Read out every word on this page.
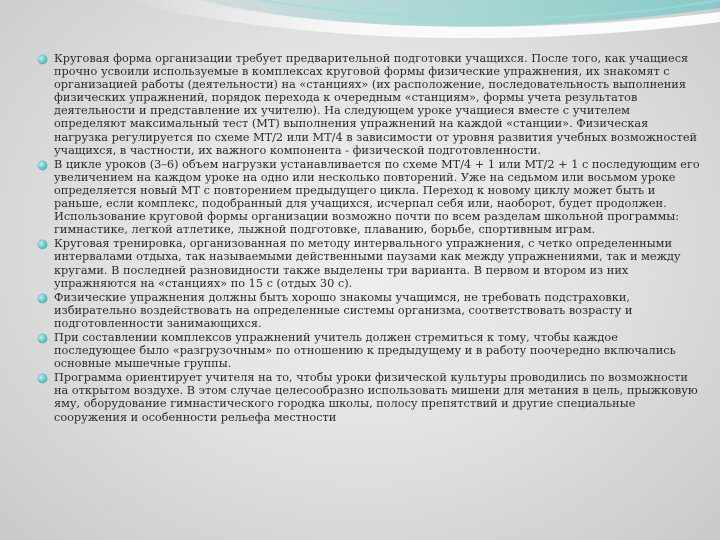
Круговая форма организации требует предварительной подготовки учащихся. После того, как учащиеся прочно усвоили используемые в комплексах круговой формы физические упражнения, их знакомят с организацией работы (деятельности) на «станциях» (их расположение, последовательность выполнения физических упражнений, порядок перехода к очередным «станциям», формы учета результатов деятельности и представление их учителю). На следующем уроке учащиеся вместе с учителем определяют максимальный тест (МТ) выполнения упражнений на каждой «станции». Физическая нагрузка регулируется по схеме МТ/2 или МТ/4 в зависимости от уровня развития учебных возможностей учащихся, в частности, их важного компонента - физической подготовленности.
В цикле уроков (3–6) объем нагрузки устанавливается по схеме МТ/4 + 1 или МТ/2 + 1 с последующим его увеличением на каждом уроке на одно или несколько повторений. Уже на седьмом или восьмом уроке определяется новый МТ с повторением предыдущего цикла. Переход к новому циклу может быть и раньше, если комплекс, подобранный для учащихся, исчерпал себя или, наоборот, будет продолжен. Использование круговой формы организации возможно почти по всем разделам школьной программы: гимнастике, легкой атлетике, лыжной подготовке, плаванию, борьбе, спортивным играм.
Круговая тренировка, организованная по методу интервального упражнения, с четко определенными интервалами отдыха, так называемыми действенными паузами как между упражнениями, так и между кругами. В последней разновидности также выделены три варианта. В первом и втором из них упражняются на «станциях» по 15 с (отдых 30 с).
Физические упражнения должны быть хорошо знакомы учащимся, не требовать подстраховки, избирательно воздействовать на определенные системы организма, соответствовать возрасту и подготовленности занимающихся.
При составлении комплексов упражнений учитель должен стремиться к тому, чтобы каждое последующее было «разгрузочным» по отношению к предыдущему и в работу поочередно включались основные мышечные группы.
Программа ориентирует учителя на то, чтобы уроки физической культуры проводились по возможности на открытом воздухе. В этом случае целесообразно использовать мишени для метания в цель, прыжковую яму, оборудование гимнастического городка школы, полосу препятствий и другие специальные сооружения и особенности рельефа местности
